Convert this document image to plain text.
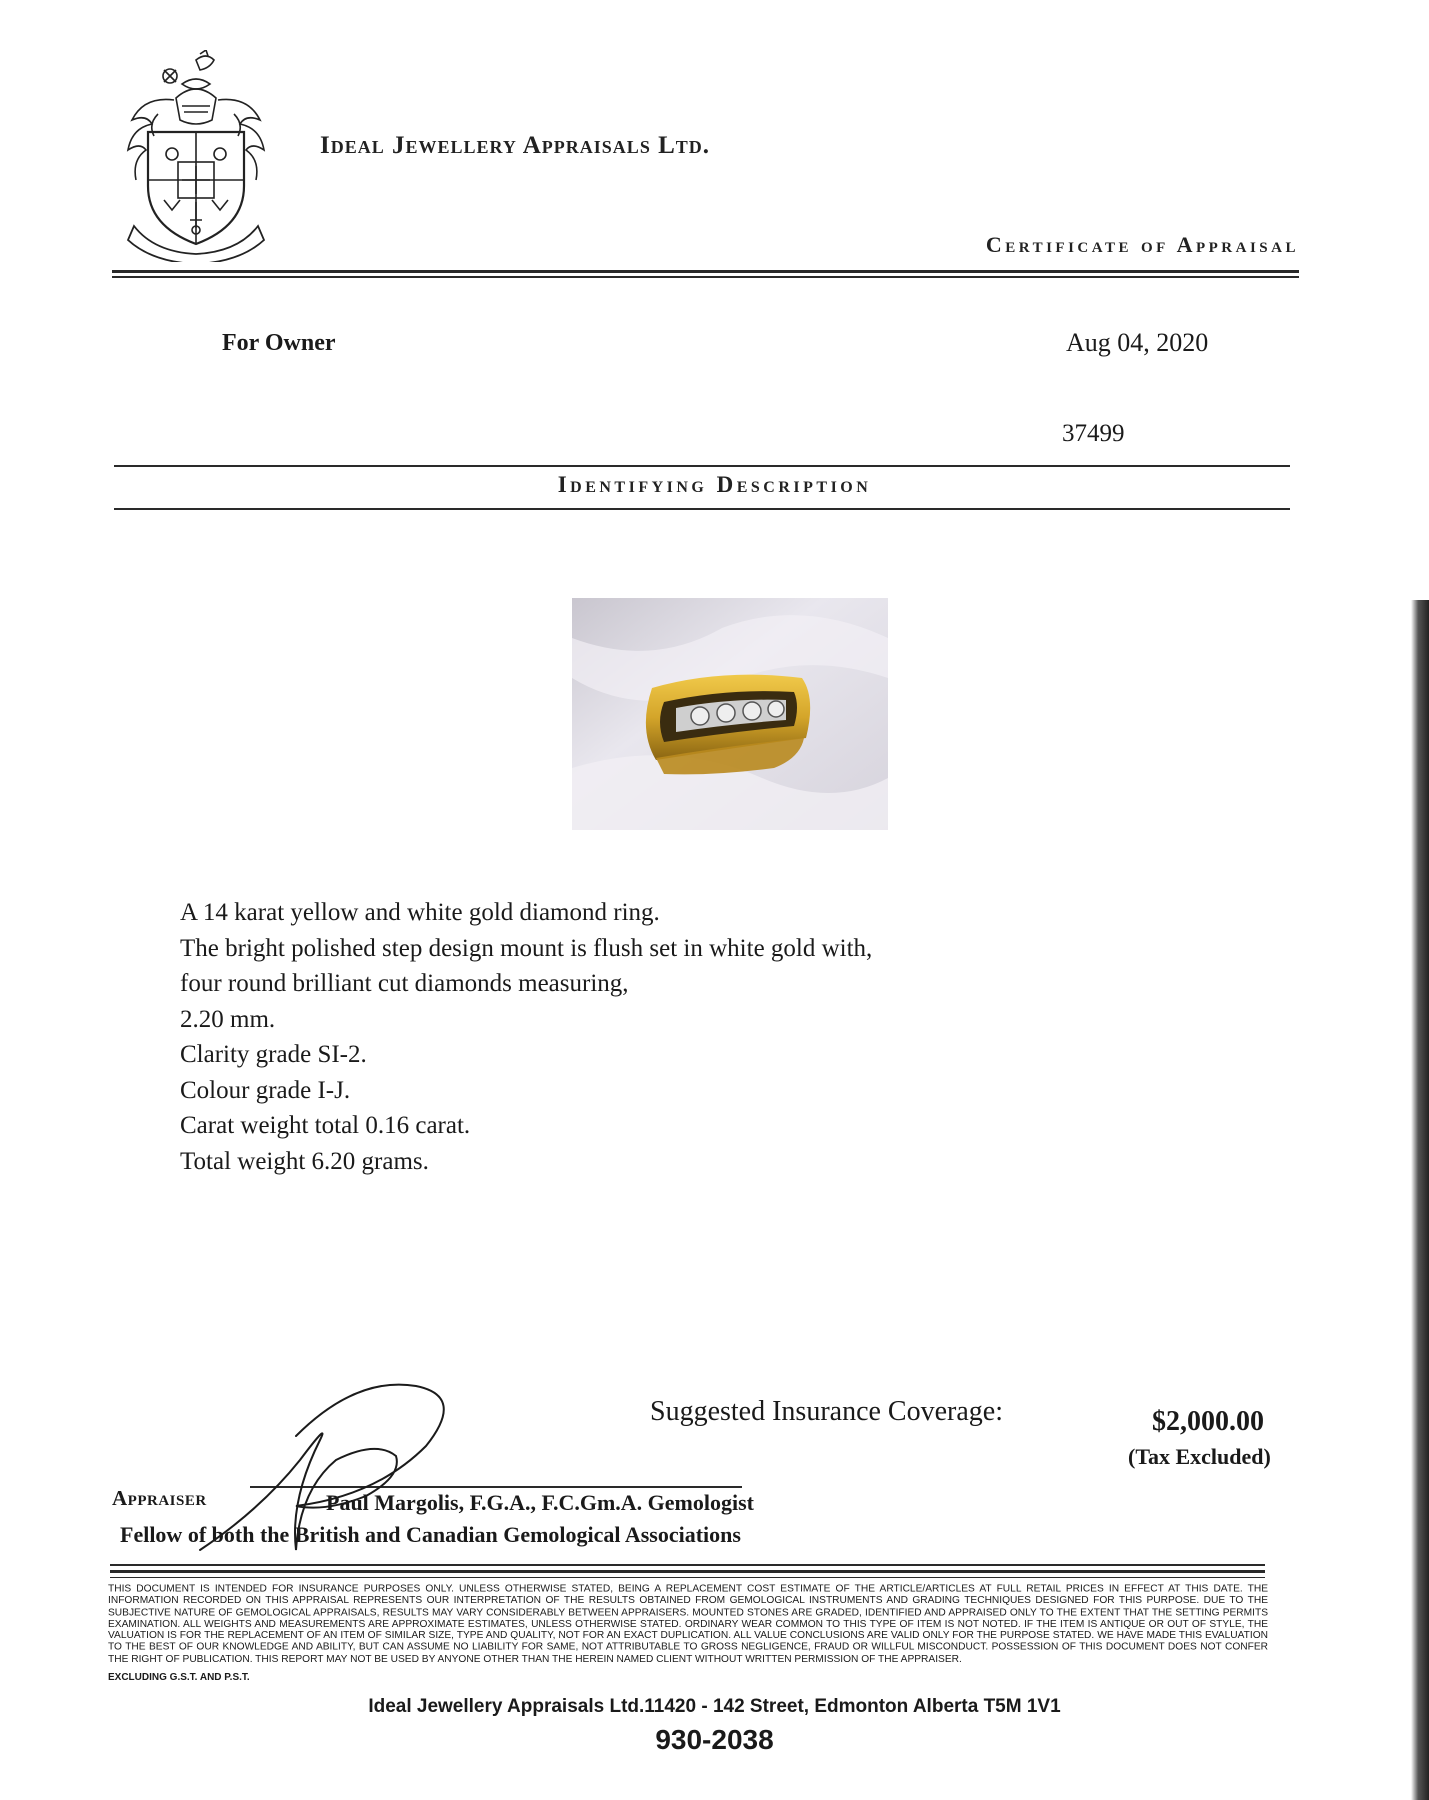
Ideal Jewellery Appraisals Ltd.
Certificate of Appraisal
For Owner	Aug 04, 2020
37499
Identifying Description
A 14 karat yellow and white gold diamond ring.
The bright polished step design mount is flush set in white gold with,
four round brilliant cut diamonds measuring,
2.20 mm.
Clarity grade SI-2.
Colour grade I-J.
Carat weight total 0.16 carat.
Total weight 6.20 grams.
Suggested Insurance Coverage:	$2,000.00
(Tax Excluded)
Appraiser	Paul Margolis, F.G.A., F.C.Gm.A. Gemologist
Fellow of both the British and Canadian Gemological Associations
THIS DOCUMENT IS INTENDED FOR INSURANCE PURPOSES ONLY. UNLESS OTHERWISE STATED, BEING A REPLACEMENT COST ESTIMATE OF THE ARTICLE/ARTICLES AT FULL RETAIL PRICES IN EFFECT AT THIS DATE. THE INFORMATION RECORDED ON THIS APPRAISAL REPRESENTS OUR INTERPRETATION OF THE RESULTS OBTAINED FROM GEMOLOGICAL INSTRUMENTS AND GRADING TECHNIQUES DESIGNED FOR THIS PURPOSE. DUE TO THE SUBJECTIVE NATURE OF GEMOLOGICAL APPRAISALS, RESULTS MAY VARY CONSIDERABLY BETWEEN APPRAISERS. MOUNTED STONES ARE GRADED, IDENTIFIED AND APPRAISED ONLY TO THE EXTENT THAT THE SETTING PERMITS EXAMINATION. ALL WEIGHTS AND MEASUREMENTS ARE APPROXIMATE ESTIMATES, UNLESS OTHERWISE STATED. ORDINARY WEAR COMMON TO THIS TYPE OF ITEM IS NOT NOTED. IF THE ITEM IS ANTIQUE OR OUT OF STYLE, THE VALUATION IS FOR THE REPLACEMENT OF AN ITEM OF SIMILAR SIZE, TYPE AND QUALITY, NOT FOR AN EXACT DUPLICATION. ALL VALUE CONCLUSIONS ARE VALID ONLY FOR THE PURPOSE STATED. WE HAVE MADE THIS EVALUATION TO THE BEST OF OUR KNOWLEDGE AND ABILITY, BUT CAN ASSUME NO LIABILITY FOR SAME, NOT ATTRIBUTABLE TO GROSS NEGLIGENCE, FRAUD OR WILLFUL MISCONDUCT. POSSESSION OF THIS DOCUMENT DOES NOT CONFER THE RIGHT OF PUBLICATION. THIS REPORT MAY NOT BE USED BY ANYONE OTHER THAN THE HEREIN NAMED CLIENT WITHOUT WRITTEN PERMISSION OF THE APPRAISER.
EXCLUDING G.S.T. AND P.S.T.
Ideal Jewellery Appraisals Ltd.11420 - 142 Street, Edmonton Alberta T5M 1V1
930-2038
